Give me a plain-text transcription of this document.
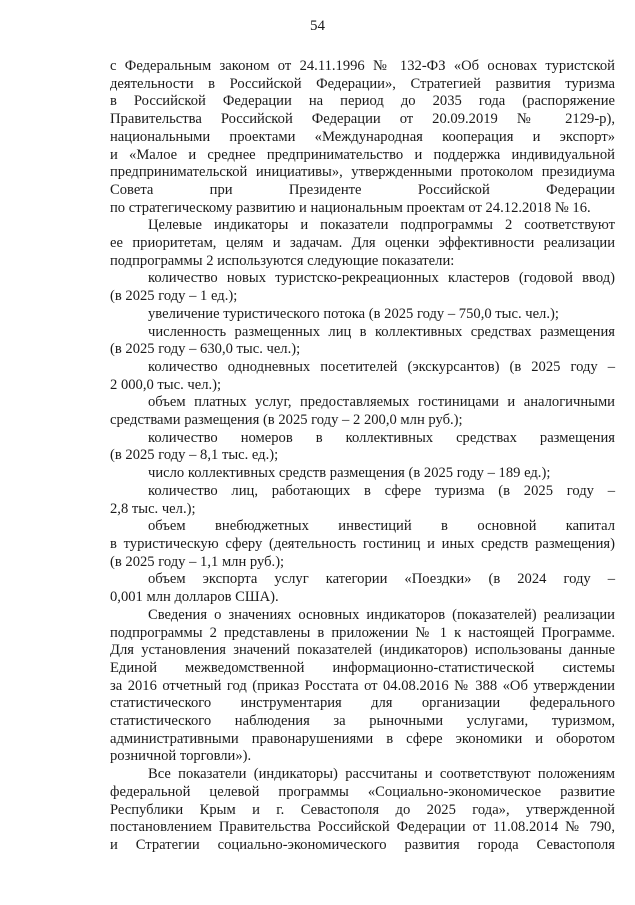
54

с Федеральным законом от 24.11.1996 № 132-ФЗ «Об основах туристской
деятельности в Российской Федерации», Стратегией развития туризма
в Российской Федерации на период до 2035 года (распоряжение
Правительства Российской Федерации от 20.09.2019 № 2129-р),
национальными проектами «Международная кооперация и экспорт»
и «Малое и среднее предпринимательство и поддержка индивидуальной
предпринимательской инициативы», утвержденными протоколом президиума
Совета при Президенте Российской Федерации
по стратегическому развитию и национальным проектам от 24.12.2018 № 16.

Целевые индикаторы и показатели подпрограммы 2 соответствуют
ее приоритетам, целям и задачам. Для оценки эффективности реализации
подпрограммы 2 используются следующие показатели:

количество новых туристско-рекреационных кластеров (годовой ввод)
(в 2025 году – 1 ед.);

увеличение туристического потока (в 2025 году – 750,0 тыс. чел.);

численность размещенных лиц в коллективных средствах размещения
(в 2025 году – 630,0 тыс. чел.);

количество однодневных посетителей (экскурсантов) (в 2025 году –
2 000,0 тыс. чел.);

объем платных услуг, предоставляемых гостиницами и аналогичными
средствами размещения (в 2025 году – 2 200,0 млн руб.);

количество номеров в коллективных средствах размещения
(в 2025 году – 8,1 тыс. ед.);

число коллективных средств размещения (в 2025 году – 189 ед.);

количество лиц, работающих в сфере туризма (в 2025 году –
2,8 тыс. чел.);

объем внебюджетных инвестиций в основной капитал
в туристическую сферу (деятельность гостиниц и иных средств размещения)
(в 2025 году – 1,1 млн руб.);

объем экспорта услуг категории «Поездки» (в 2024 году –
0,001 млн долларов США).

Сведения о значениях основных индикаторов (показателей) реализации
подпрограммы 2 представлены в приложении № 1 к настоящей Программе.
Для установления значений показателей (индикаторов) использованы данные
Единой межведомственной информационно-статистической системы
за 2016 отчетный год (приказ Росстата от 04.08.2016 № 388 «Об утверждении
статистического инструментария для организации федерального
статистического наблюдения за рыночными услугами, туризмом,
административными правонарушениями в сфере экономики и оборотом
розничной торговли»).

Все показатели (индикаторы) рассчитаны и соответствуют положениям
федеральной целевой программы «Социально-экономическое развитие
Республики Крым и г. Севастополя до 2025 года», утвержденной
постановлением Правительства Российской Федерации от 11.08.2014 № 790,
и Стратегии социально-экономического развития города Севастополя
